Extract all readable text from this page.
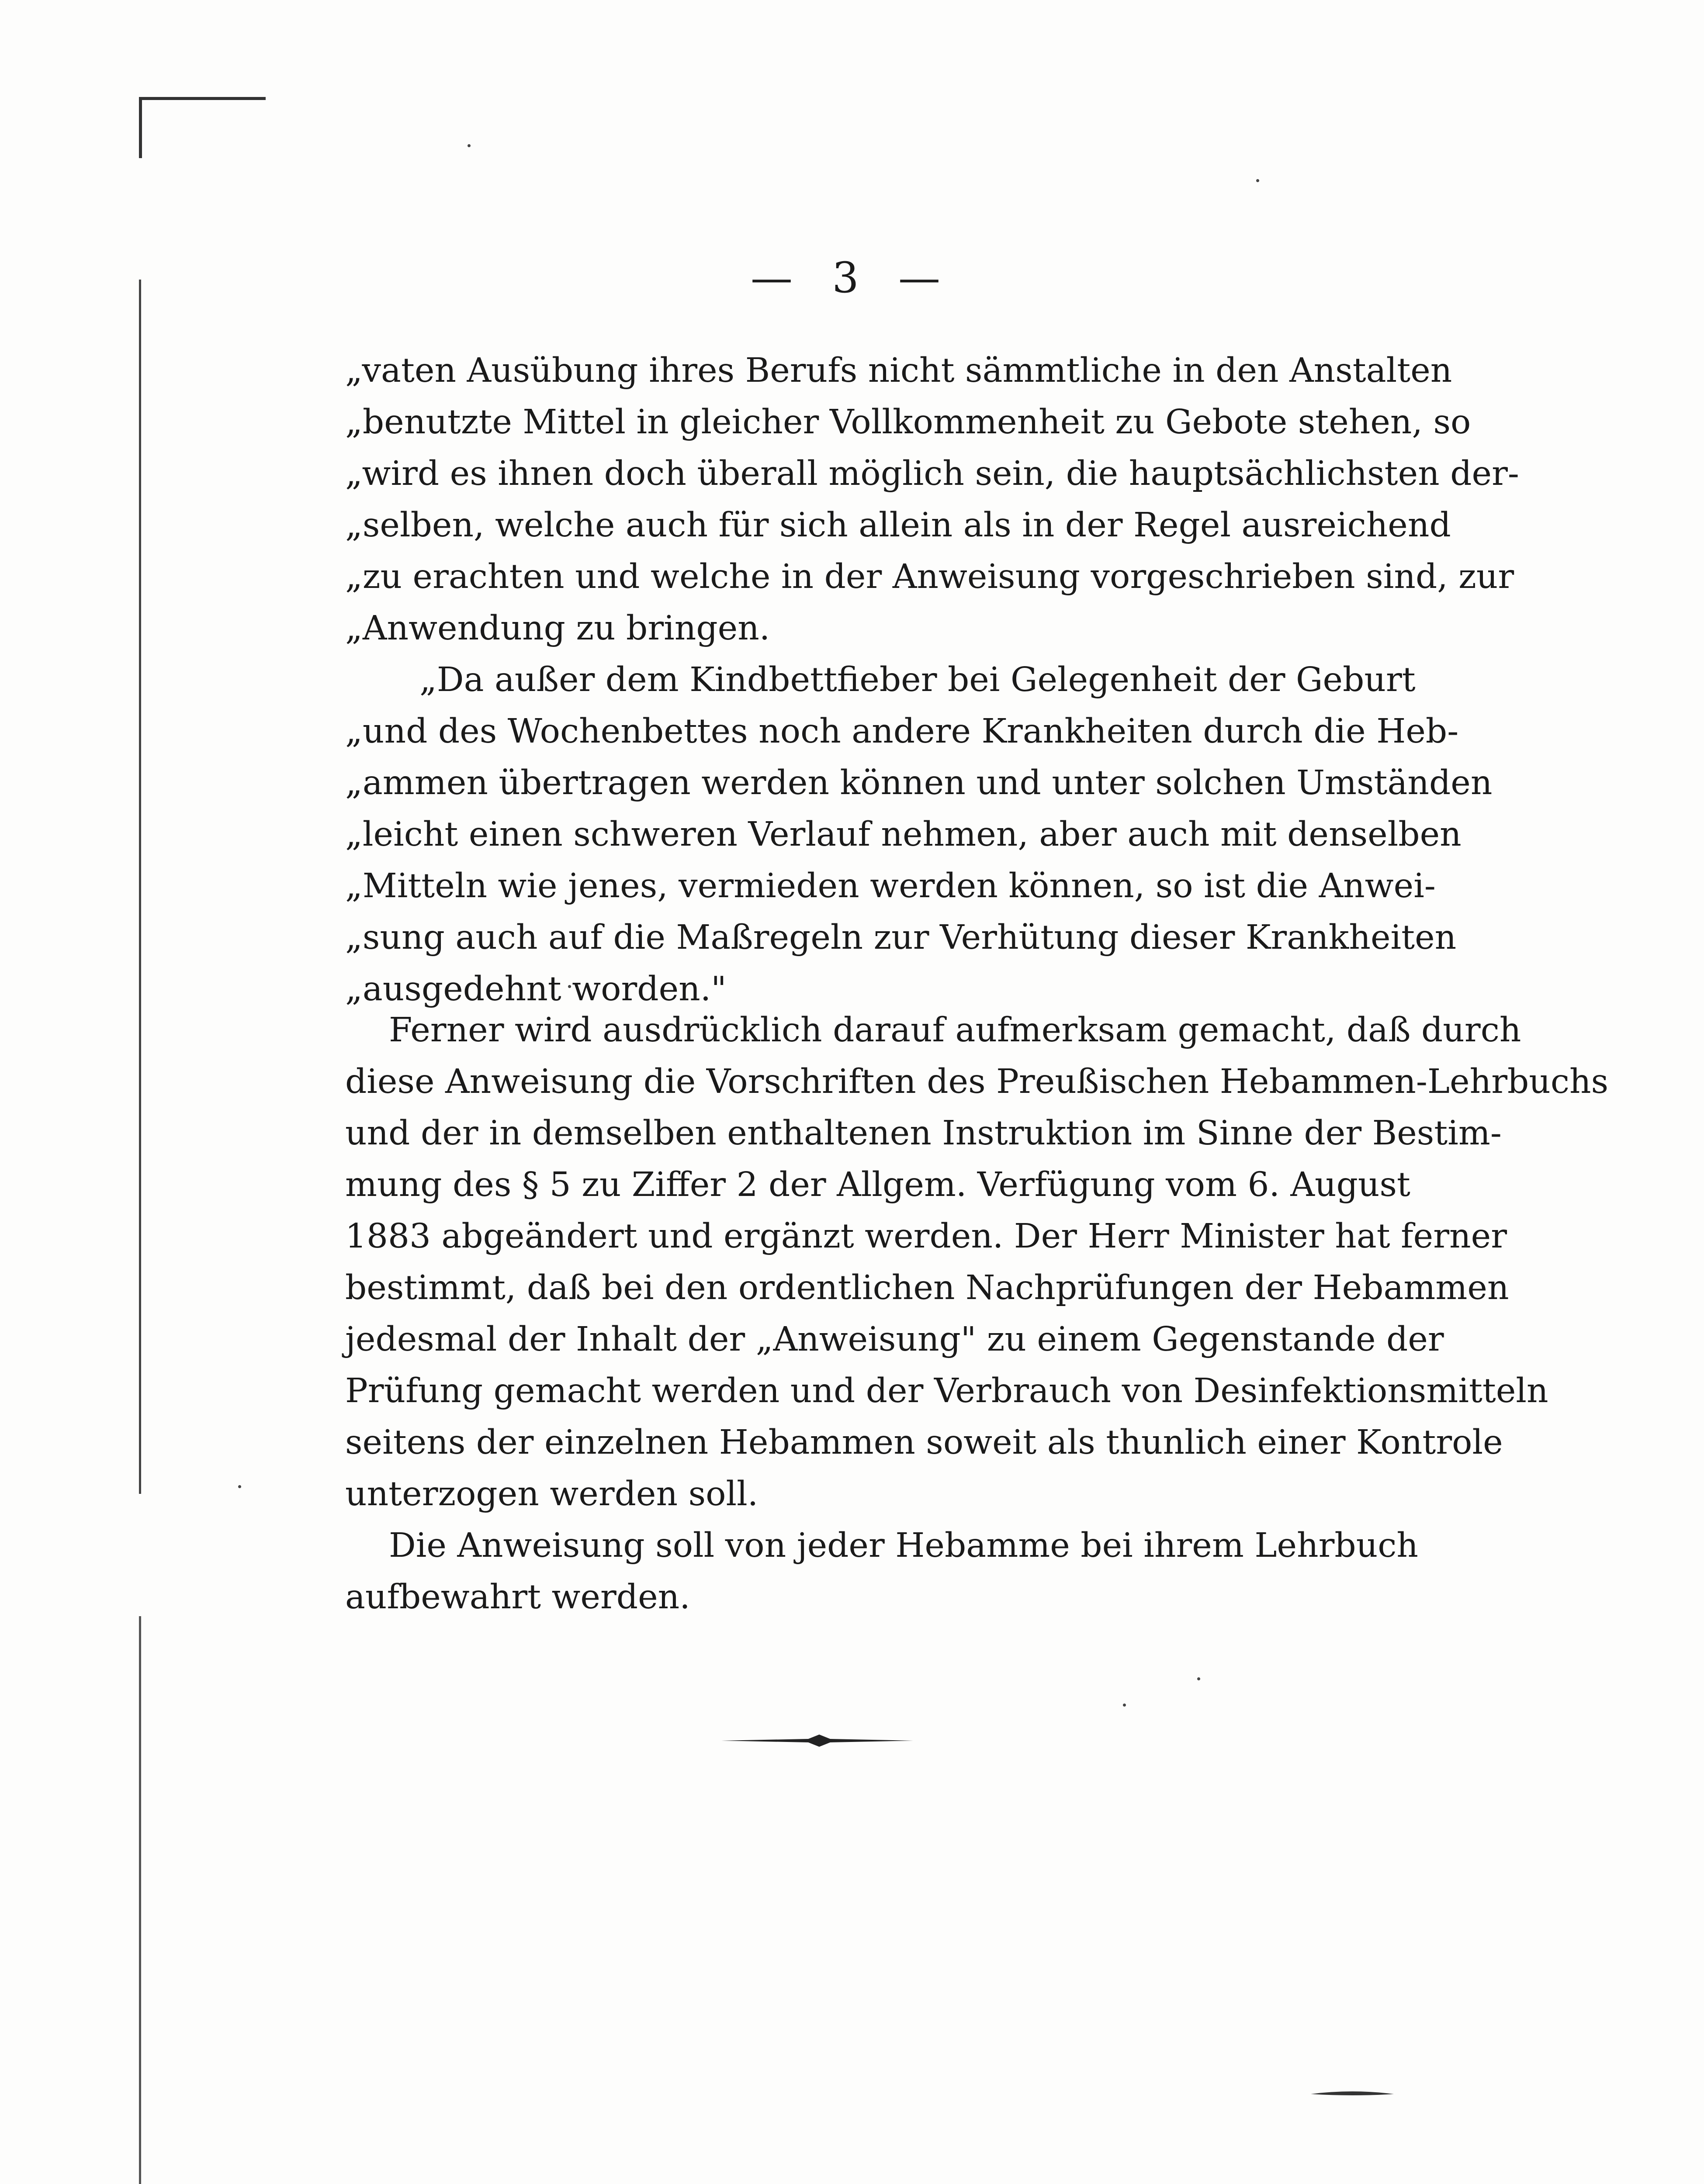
— 3 —
„vaten Ausübung ihres Berufs nicht sämmtliche in den Anstalten
„benutzte Mittel in gleicher Vollkommenheit zu Gebote stehen, so
„wird es ihnen doch überall möglich sein, die hauptsächlichsten der-
„selben, welche auch für sich allein als in der Regel ausreichend
„zu erachten und welche in der Anweisung vorgeschrieben sind, zur
„Anwendung zu bringen.
„Da außer dem Kindbettfieber bei Gelegenheit der Geburt
„und des Wochenbettes noch andere Krankheiten durch die Heb-
„ammen übertragen werden können und unter solchen Umständen
„leicht einen schweren Verlauf nehmen, aber auch mit denselben
„Mitteln wie jenes, vermieden werden können, so ist die Anwei-
„sung auch auf die Maßregeln zur Verhütung dieser Krankheiten
„ausgedehnt worden."
Ferner wird ausdrücklich darauf aufmerksam gemacht, daß durch
diese Anweisung die Vorschriften des Preußischen Hebammen-Lehrbuchs
und der in demselben enthaltenen Instruktion im Sinne der Bestim-
mung des § 5 zu Ziffer 2 der Allgem. Verfügung vom 6. August
1883 abgeändert und ergänzt werden. Der Herr Minister hat ferner
bestimmt, daß bei den ordentlichen Nachprüfungen der Hebammen
jedesmal der Inhalt der „Anweisung" zu einem Gegenstande der
Prüfung gemacht werden und der Verbrauch von Desinfektionsmitteln
seitens der einzelnen Hebammen soweit als thunlich einer Kontrole
unterzogen werden soll.
Die Anweisung soll von jeder Hebamme bei ihrem Lehrbuch
aufbewahrt werden.
